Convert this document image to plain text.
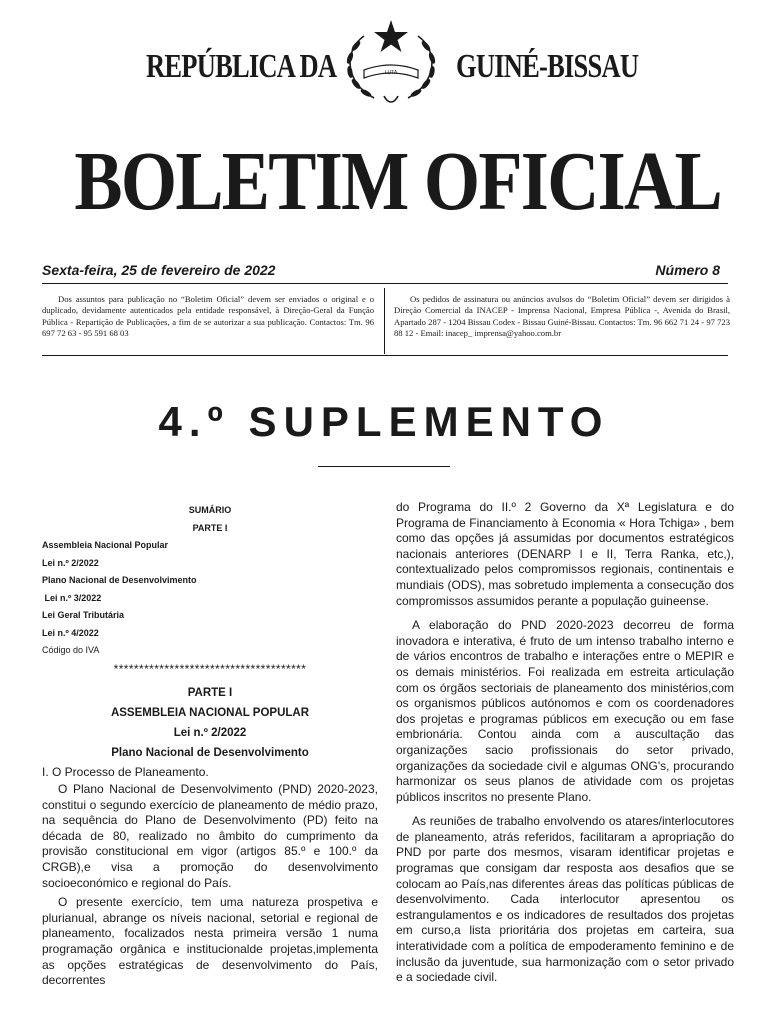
REPÚBLICA DA	LUTA GUINÉ-BISSAU
BOLETIM OFICIAL
Sexta-feira, 25 de fevereiro de 2022	Número 8
Dos assuntos para publicação no “Boletim Oficial” devem ser enviados o original e o duplicado, devidamente autenticados pela entidade responsável, à Direção-Geral da Função Pública - Repartição de Publicações, a fim de se autorizar a sua publicação. Contactos: Tm. 96 697 72 63 - 95 591 68 03
Os pedidos de assinatura ou anúncios avulsos do “Boletim Oficial” devem ser dirigidos à Direção Comercial da INACEP - Imprensa Nacional, Empresa Pública -, Avenida do Brasil, Apartado 287 - 1204 Bissau Codex - Bissau Guiné-Bissau. Contactos: Tm. 96 662 71 24 - 97 723 88 12 - Email: inacep_ imprensa@yahoo.com.br
4.º SUPLEMENTO
SUMÁRIO
PARTE I
Assembleia Nacional Popular
Lei n.º 2/2022
Plano Nacional de Desenvolvimento
Lei n.º 3/2022
Lei Geral Tributária
Lei n.º 4/2022
Código do IVA
**************************************
PARTE I
ASSEMBLEIA NACIONAL POPULAR
Lei n.º 2/2022
Plano Nacional de Desenvolvimento

I. O Processo de Planeamento.

O Plano Nacional de Desenvolvimento (PND) 2020-2023, constitui o segundo exercício de planeamento de médio prazo, na sequência do Plano de Desenvolvimento (PD) feito na década de 80, realizado no âmbito do cumprimento da provisão constitucional em vigor (artigos 85.º e 100.º da CRGB),e visa a promoção do desenvolvimento socioeconómico e regional do País.

O presente exercício, tem uma natureza prospetiva e plurianual, abrange os níveis nacional, setorial e regional de planeamento, focalizados nesta primeira versão 1 numa programação orgânica e institucionalde projetas,implementa as opções estratégicas de desenvolvimento do País, decorrentes

do Programa do II.º 2 Governo da Xª Legislatura e do Programa de Financiamento à Economia « Hora Tchiga» , bem como das opções já assumidas por documentos estratégicos nacionais anteriores (DENARP I e II, Terra Ranka, etc,), contextualizado pelos compromissos regionais, continentais e mundiais (ODS), mas sobretudo implementa a consecução dos compromissos assumidos perante a população guineense.

A elaboração do PND 2020-2023 decorreu de forma inovadora e interativa, é fruto de um intenso trabalho interno e de vários encontros de trabalho e interações entre o MEPIR e os demais ministérios. Foi realizada em estreita articulação com os órgãos sectoriais de planeamento dos ministérios,com os organismos públicos autónomos e com os coordenadores dos projetas e programas públicos em execução ou em fase embrionária. Contou ainda com a auscultação das organizações sacio profissionais do setor privado, organizações da sociedade civil e algumas ONG's, procurando harmonizar os seus planos de atividade com os projetas públicos inscritos no presente Plano.

As reuniões de trabalho envolvendo os atares/interlocutores de planeamento, atrás referidos, facilitaram a apropriação do PND por parte dos mesmos, visaram identificar projetas e programas que consigam dar resposta aos desafios que se colocam ao País,nas diferentes áreas das políticas públicas de desenvolvimento. Cada interlocutor apresentou os estrangulamentos e os indicadores de resultados dos projetas em curso,a lista prioritária dos projetas em carteira, sua interatividade com a política de empoderamento feminino e de inclusão da juventude, sua harmonização com o setor privado e a sociedade civil.
